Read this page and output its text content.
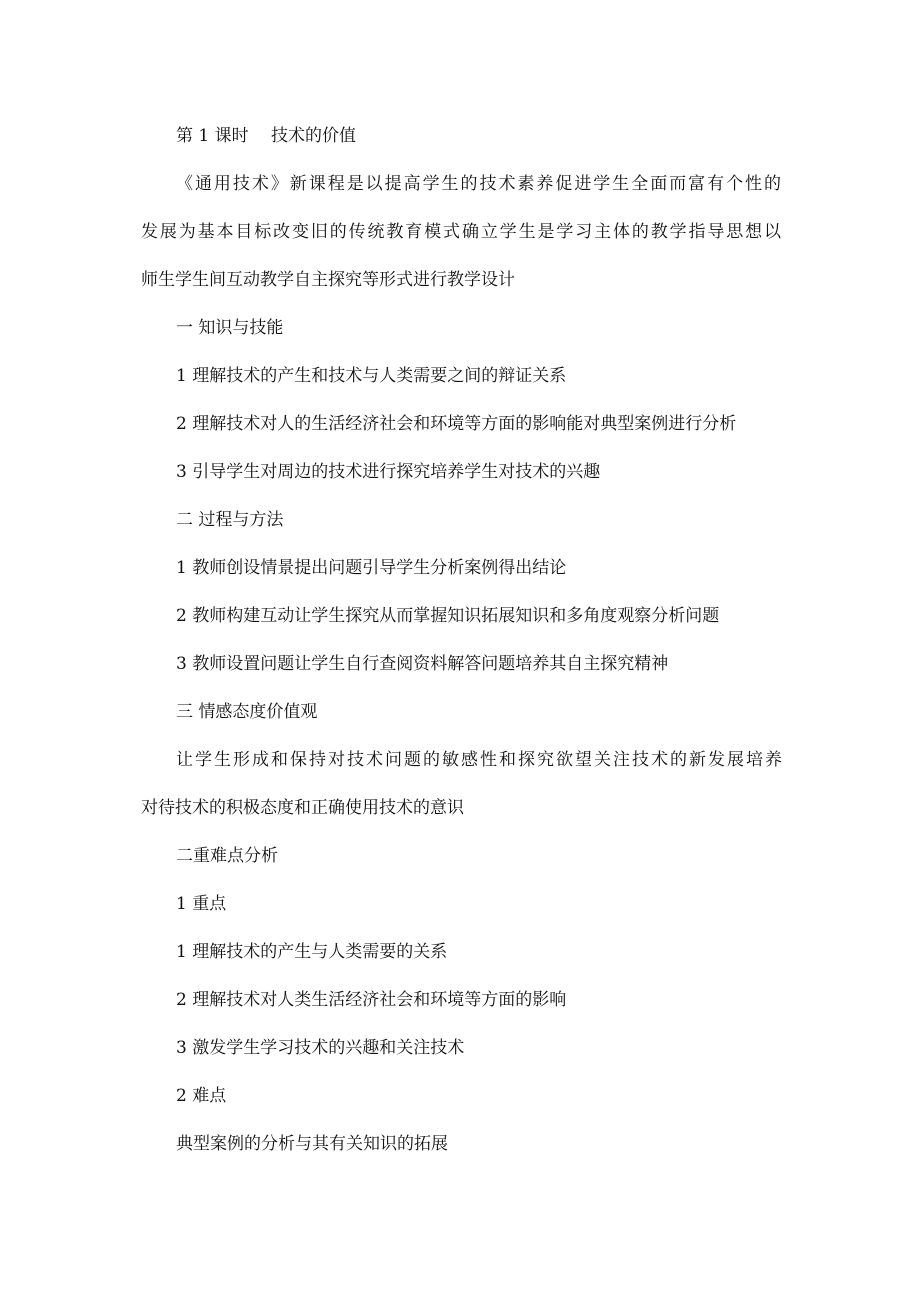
第 1 课时　 技术的价值
《通用技术》新课程是以提高学生的技术素养促进学生全面而富有个性的
发展为基本目标改变旧的传统教育模式确立学生是学习主体的教学指导思想以
师生学生间互动教学自主探究等形式进行教学设计
一 知识与技能
1 理解技术的产生和技术与人类需要之间的辩证关系
2 理解技术对人的生活经济社会和环境等方面的影响能对典型案例进行分析
3 引导学生对周边的技术进行探究培养学生对技术的兴趣
二 过程与方法
1 教师创设情景提出问题引导学生分析案例得出结论
2 教师构建互动让学生探究从而掌握知识拓展知识和多角度观察分析问题
3 教师设置问题让学生自行查阅资料解答问题培养其自主探究精神
三 情感态度价值观
让学生形成和保持对技术问题的敏感性和探究欲望关注技术的新发展培养
对待技术的积极态度和正确使用技术的意识
二重难点分析
1 重点
1 理解技术的产生与人类需要的关系
2 理解技术对人类生活经济社会和环境等方面的影响
3 激发学生学习技术的兴趣和关注技术
2 难点
典型案例的分析与其有关知识的拓展
